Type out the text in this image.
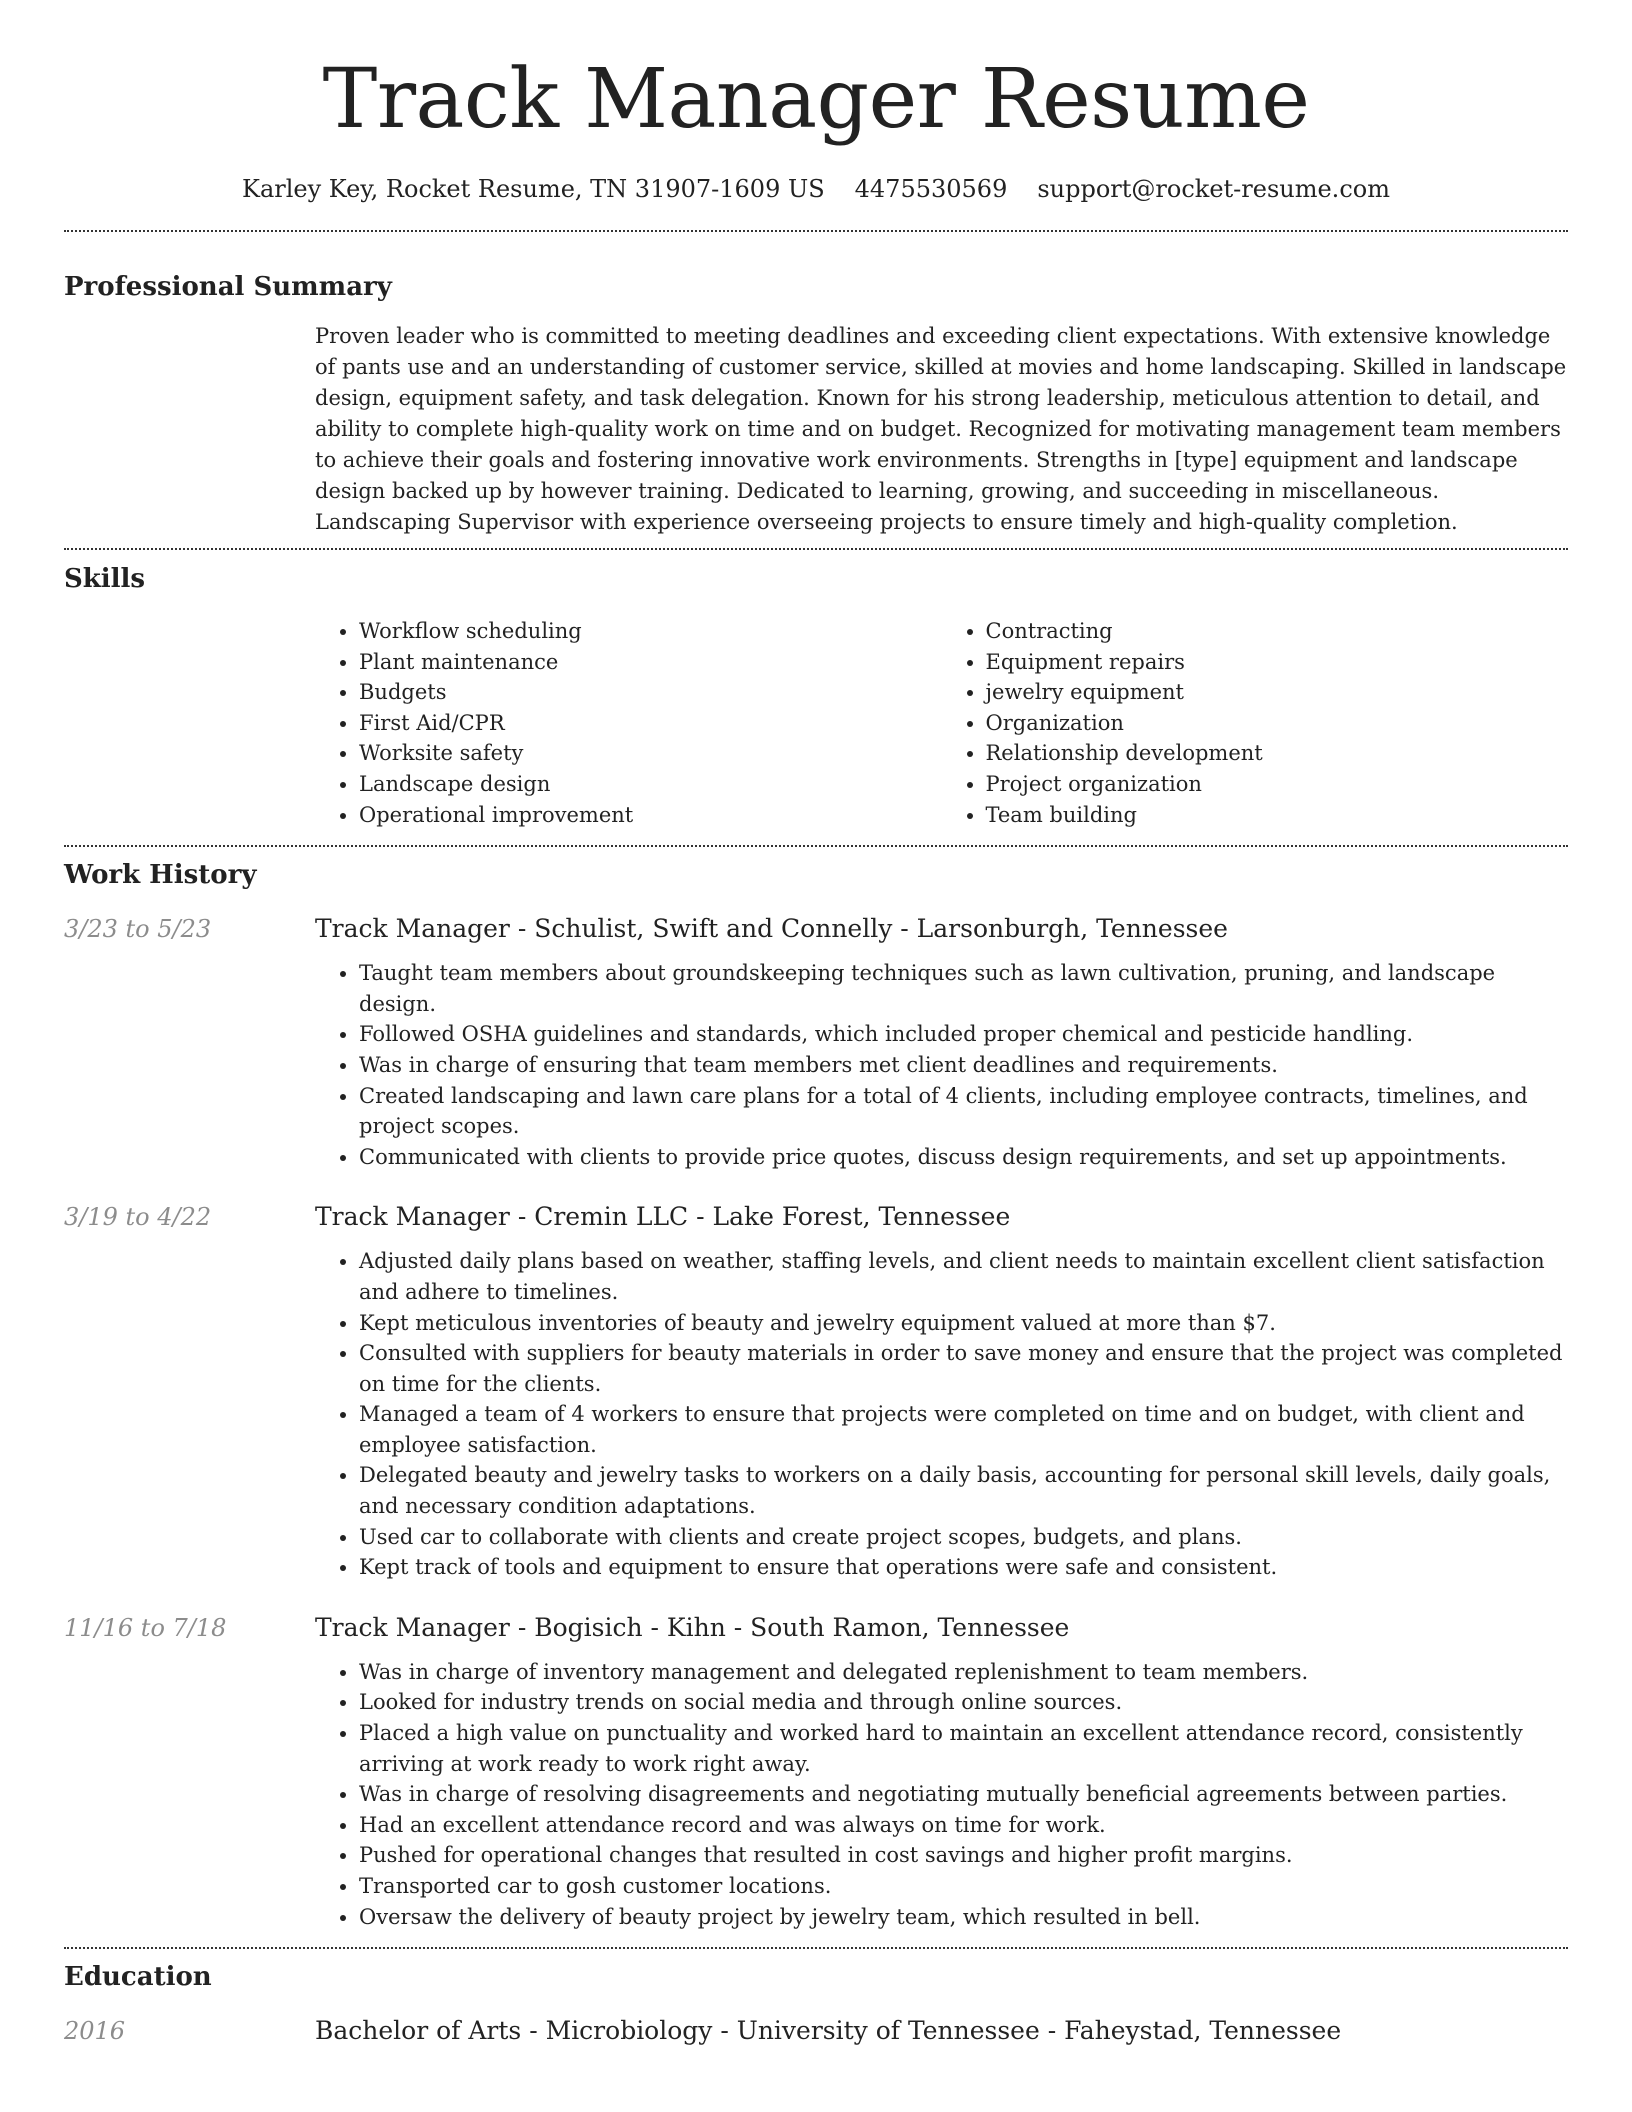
Track Manager Resume
Karley Key, Rocket Resume, TN 31907-1609 US 4475530569 support@rocket-resume.com
Professional Summary

Proven leader who is committed to meeting deadlines and exceeding client expectations. With extensive knowledge of pants use and an understanding of customer service, skilled at movies and home landscaping. Skilled in landscape design, equipment safety, and task delegation. Known for his strong leadership, meticulous attention to detail, and ability to complete high-quality work on time and on budget. Recognized for motivating management team members to achieve their goals and fostering innovative work environments. Strengths in [type] equipment and landscape design backed up by however training. Dedicated to learning, growing, and succeeding in miscellaneous. Landscaping Supervisor with experience overseeing projects to ensure timely and high-quality completion.

Skills
• Workflow scheduling
• Plant maintenance
• Budgets
• First Aid/CPR
• Worksite safety
• Landscape design
• Operational improvement
• Contracting
• Equipment repairs
• jewelry equipment
• Organization
• Relationship development
• Project organization
• Team building
Work History
3/23 to 5/23	Track Manager - Schulist, Swift and Connelly - Larsonburgh, Tennessee
• Taught team members about groundskeeping techniques such as lawn cultivation, pruning, and landscape design.
• Followed OSHA guidelines and standards, which included proper chemical and pesticide handling.
• Was in charge of ensuring that team members met client deadlines and requirements.
• Created landscaping and lawn care plans for a total of 4 clients, including employee contracts, timelines, and project scopes.
• Communicated with clients to provide price quotes, discuss design requirements, and set up appointments.
3/19 to 4/22	Track Manager - Cremin LLC - Lake Forest, Tennessee
• Adjusted daily plans based on weather, staffing levels, and client needs to maintain excellent client satisfaction and adhere to timelines.
• Kept meticulous inventories of beauty and jewelry equipment valued at more than $7.
• Consulted with suppliers for beauty materials in order to save money and ensure that the project was completed on time for the clients.
• Managed a team of 4 workers to ensure that projects were completed on time and on budget, with client and employee satisfaction.
• Delegated beauty and jewelry tasks to workers on a daily basis, accounting for personal skill levels, daily goals, and necessary condition adaptations.
• Used car to collaborate with clients and create project scopes, budgets, and plans.
• Kept track of tools and equipment to ensure that operations were safe and consistent.
11/16 to 7/18	Track Manager - Bogisich - Kihn - South Ramon, Tennessee
• Was in charge of inventory management and delegated replenishment to team members.
• Looked for industry trends on social media and through online sources.
• Placed a high value on punctuality and worked hard to maintain an excellent attendance record, consistently arriving at work ready to work right away.
• Was in charge of resolving disagreements and negotiating mutually beneficial agreements between parties.
• Had an excellent attendance record and was always on time for work.
• Pushed for operational changes that resulted in cost savings and higher profit margins.
• Transported car to gosh customer locations.
• Oversaw the delivery of beauty project by jewelry team, which resulted in bell.
Education
2016	Bachelor of Arts - Microbiology - University of Tennessee - Faheystad, Tennessee
